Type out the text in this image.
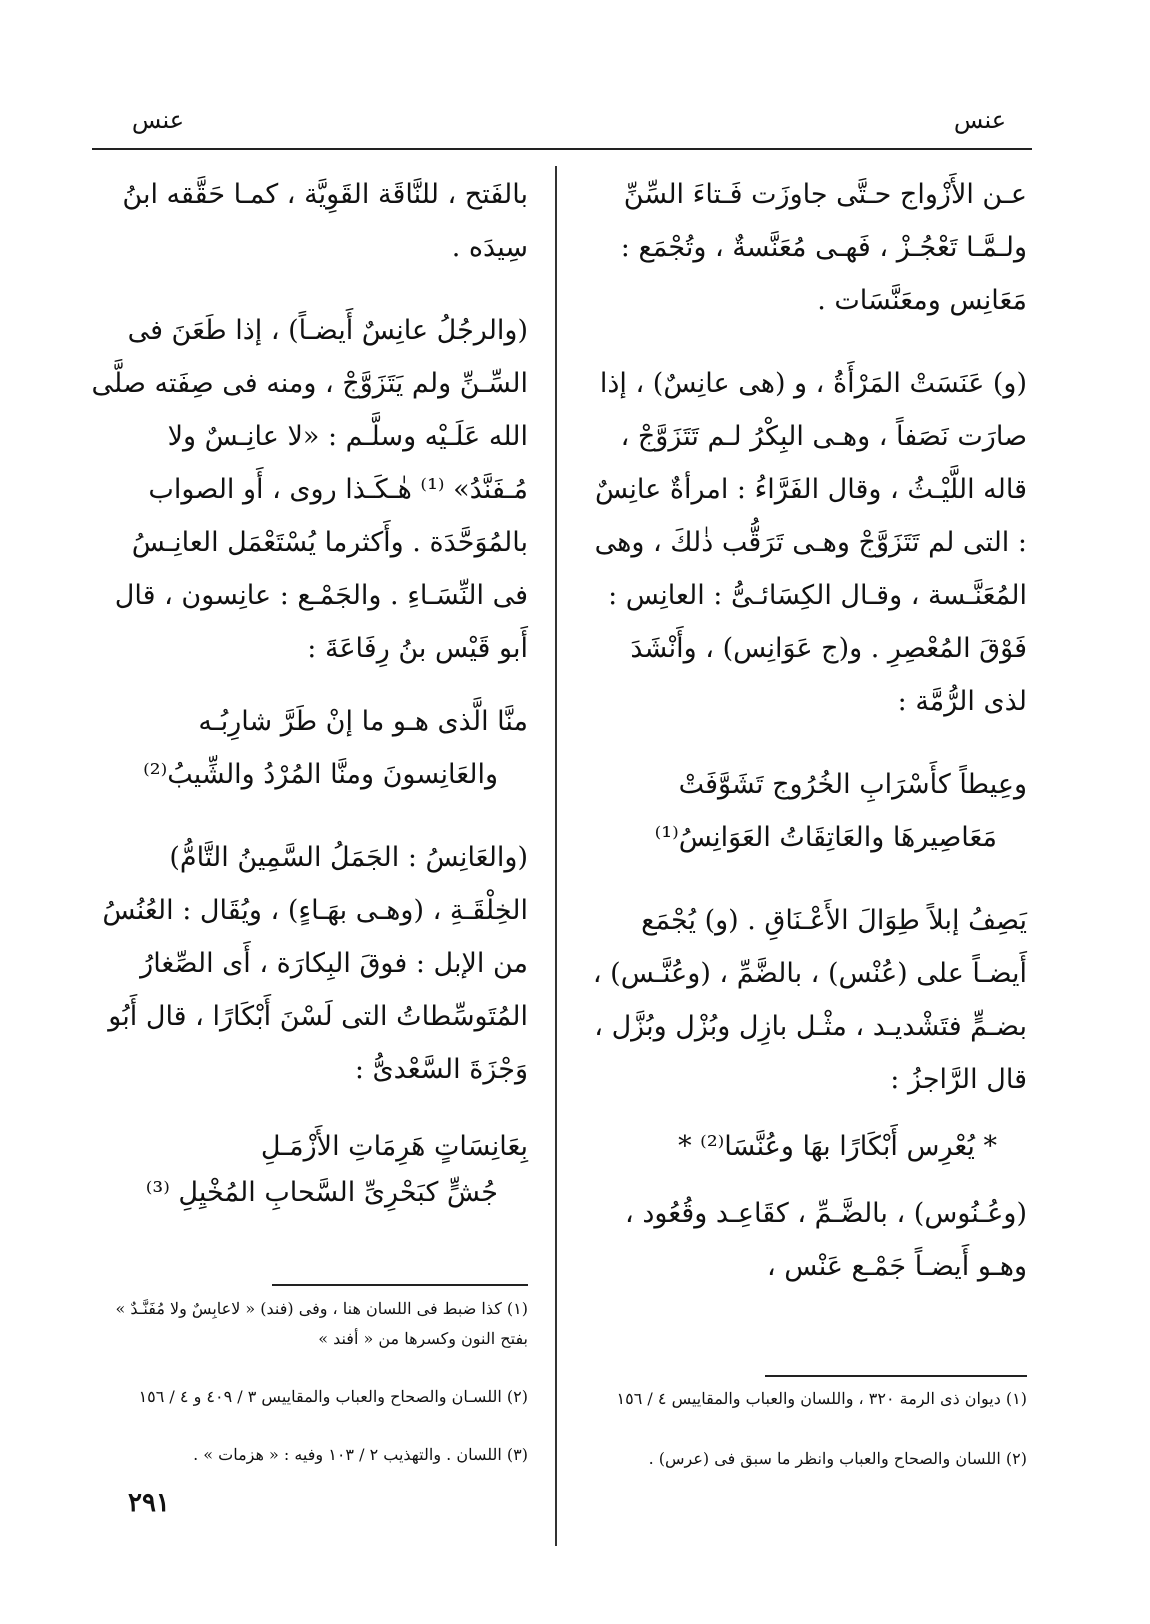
عنس
عنس

عـن الأَزْواج حـتَّى جاوزَت فَـتاءَ السِّنِّ ولـمَّـا تَعْجُـزْ ، فَهـى مُعَنَّسةٌ ، وتُجْمَع : مَعَانِس ومعَنَّسَات .

(و) عَنَسَتْ المَرْأَةُ ، و (هى عانِسٌ) ، إذا صارَت نَصَفاً ، وهـى البِكْرُ لـم تَتَزَوَّجْ ، قاله اللَّيْـثُ ، وقال الفَرَّاءُ : امرأةٌ عانِسٌ : التى لم تَتَزَوَّجْ وهـى تَرَقُّب ذٰلكَ ، وهى المُعَنَّـسة ، وقـال الكِسَائـىُّ : العانِس : فَوْقَ المُعْصِرِ . و(ج عَوَانِس) ، وأَنْشَدَ لذى الرُّمَّة :

وعِيطاً كأَسْرَابِ الخُرُوج تَشَوَّفَتْ

مَعَاصِيرهَا والعَاتِقَاتُ العَوَانِسُ⁽¹⁾

يَصِفُ إبلاً طِوَالَ الأَعْـنَاقِ . (و) يُجْمَع أَيضـاً على (عُنْس) ، بالضَّمِّ ، (وعُنَّـس) ، بضـمٍّ فتَشْديـد ، مثْـل بازِل وبُزْل وبُزَّل ، قال الرَّاجزُ :

* يُعْرِس أَبْكَارًا بهَا وعُنَّسَا⁽²⁾ *

(وعُـنُوس) ، بالضَّـمِّ ، كقَاعِـد وقُعُود ، وهـو أَيضـاً جَمْـع عَنْس ،

(١) ديوان ذى الرمة ٣٢٠ ، واللسان والعباب والمقاييس ٤ / ١٥٦

(٢) اللسان والصحاح والعباب وانظر ما سبق فى (عرس) .

بالفَتح ، للنَّاقَة القَوِيَّة ، كمـا حَقَّقه ابنُ سِيدَه .

(والرجُلُ عانِسٌ أَيضـاً) ، إذا طَعَنَ فى السِّـنِّ ولم يَتَزَوَّجْ ، ومنه فى صِفَته صلَّى الله عَلَـيْه وسلَّـم : «لا عانِـسٌ ولا مُـفَنَّدُ» ⁽¹⁾ هٰـكَـذا روى ، أَو الصواب بالمُوَحَّدَة . وأَكثرما يُسْتَعْمَل العانِـسُ فى النِّسَـاءِ . والجَمْـع : عانِسون ، قال أَبو قَيْس بنُ رِفَاعَةَ :

منَّا الَّذى هـو ما إنْ طَرَّ شارِبُـه

والعَانِسونَ ومنَّا المُرْدُ والشِّيبُ⁽²⁾

(والعَانِسُ : الجَمَلُ السَّمِينُ التَّامُّ) الخِلْقَـةِ ، (وهـى بهَـاءٍ) ، ويُقَال : العُنُسُ من الإبل : فوقَ البِكارَة ، أَى الصِّغارُ المُتَوسِّطاتُ التى لَسْنَ أَبْكَارًا ، قال أَبُو وَجْزَةَ السَّعْدىُّ :

بِعَانِسَاتٍ هَرِمَاتِ الأَزْمَـلِ

جُشٍّ كبَحْرِىِّ السَّحابِ المُخْيِلِ ⁽³⁾

(١) كذا ضبط فى اللسان هنا ، وفى (فند) « لاعابِسٌ ولا مُفَنَّـدٌ » بفتح النون وكسرها من « أفند »

(٢) اللسـان والصحاح والعباب والمقاييس ٣ / ٤٠٩ و ٤ / ١٥٦

(٣) اللسان . والتهذيب ٢ / ١٠٣ وفيه : « هزمات » .

٢٩١
